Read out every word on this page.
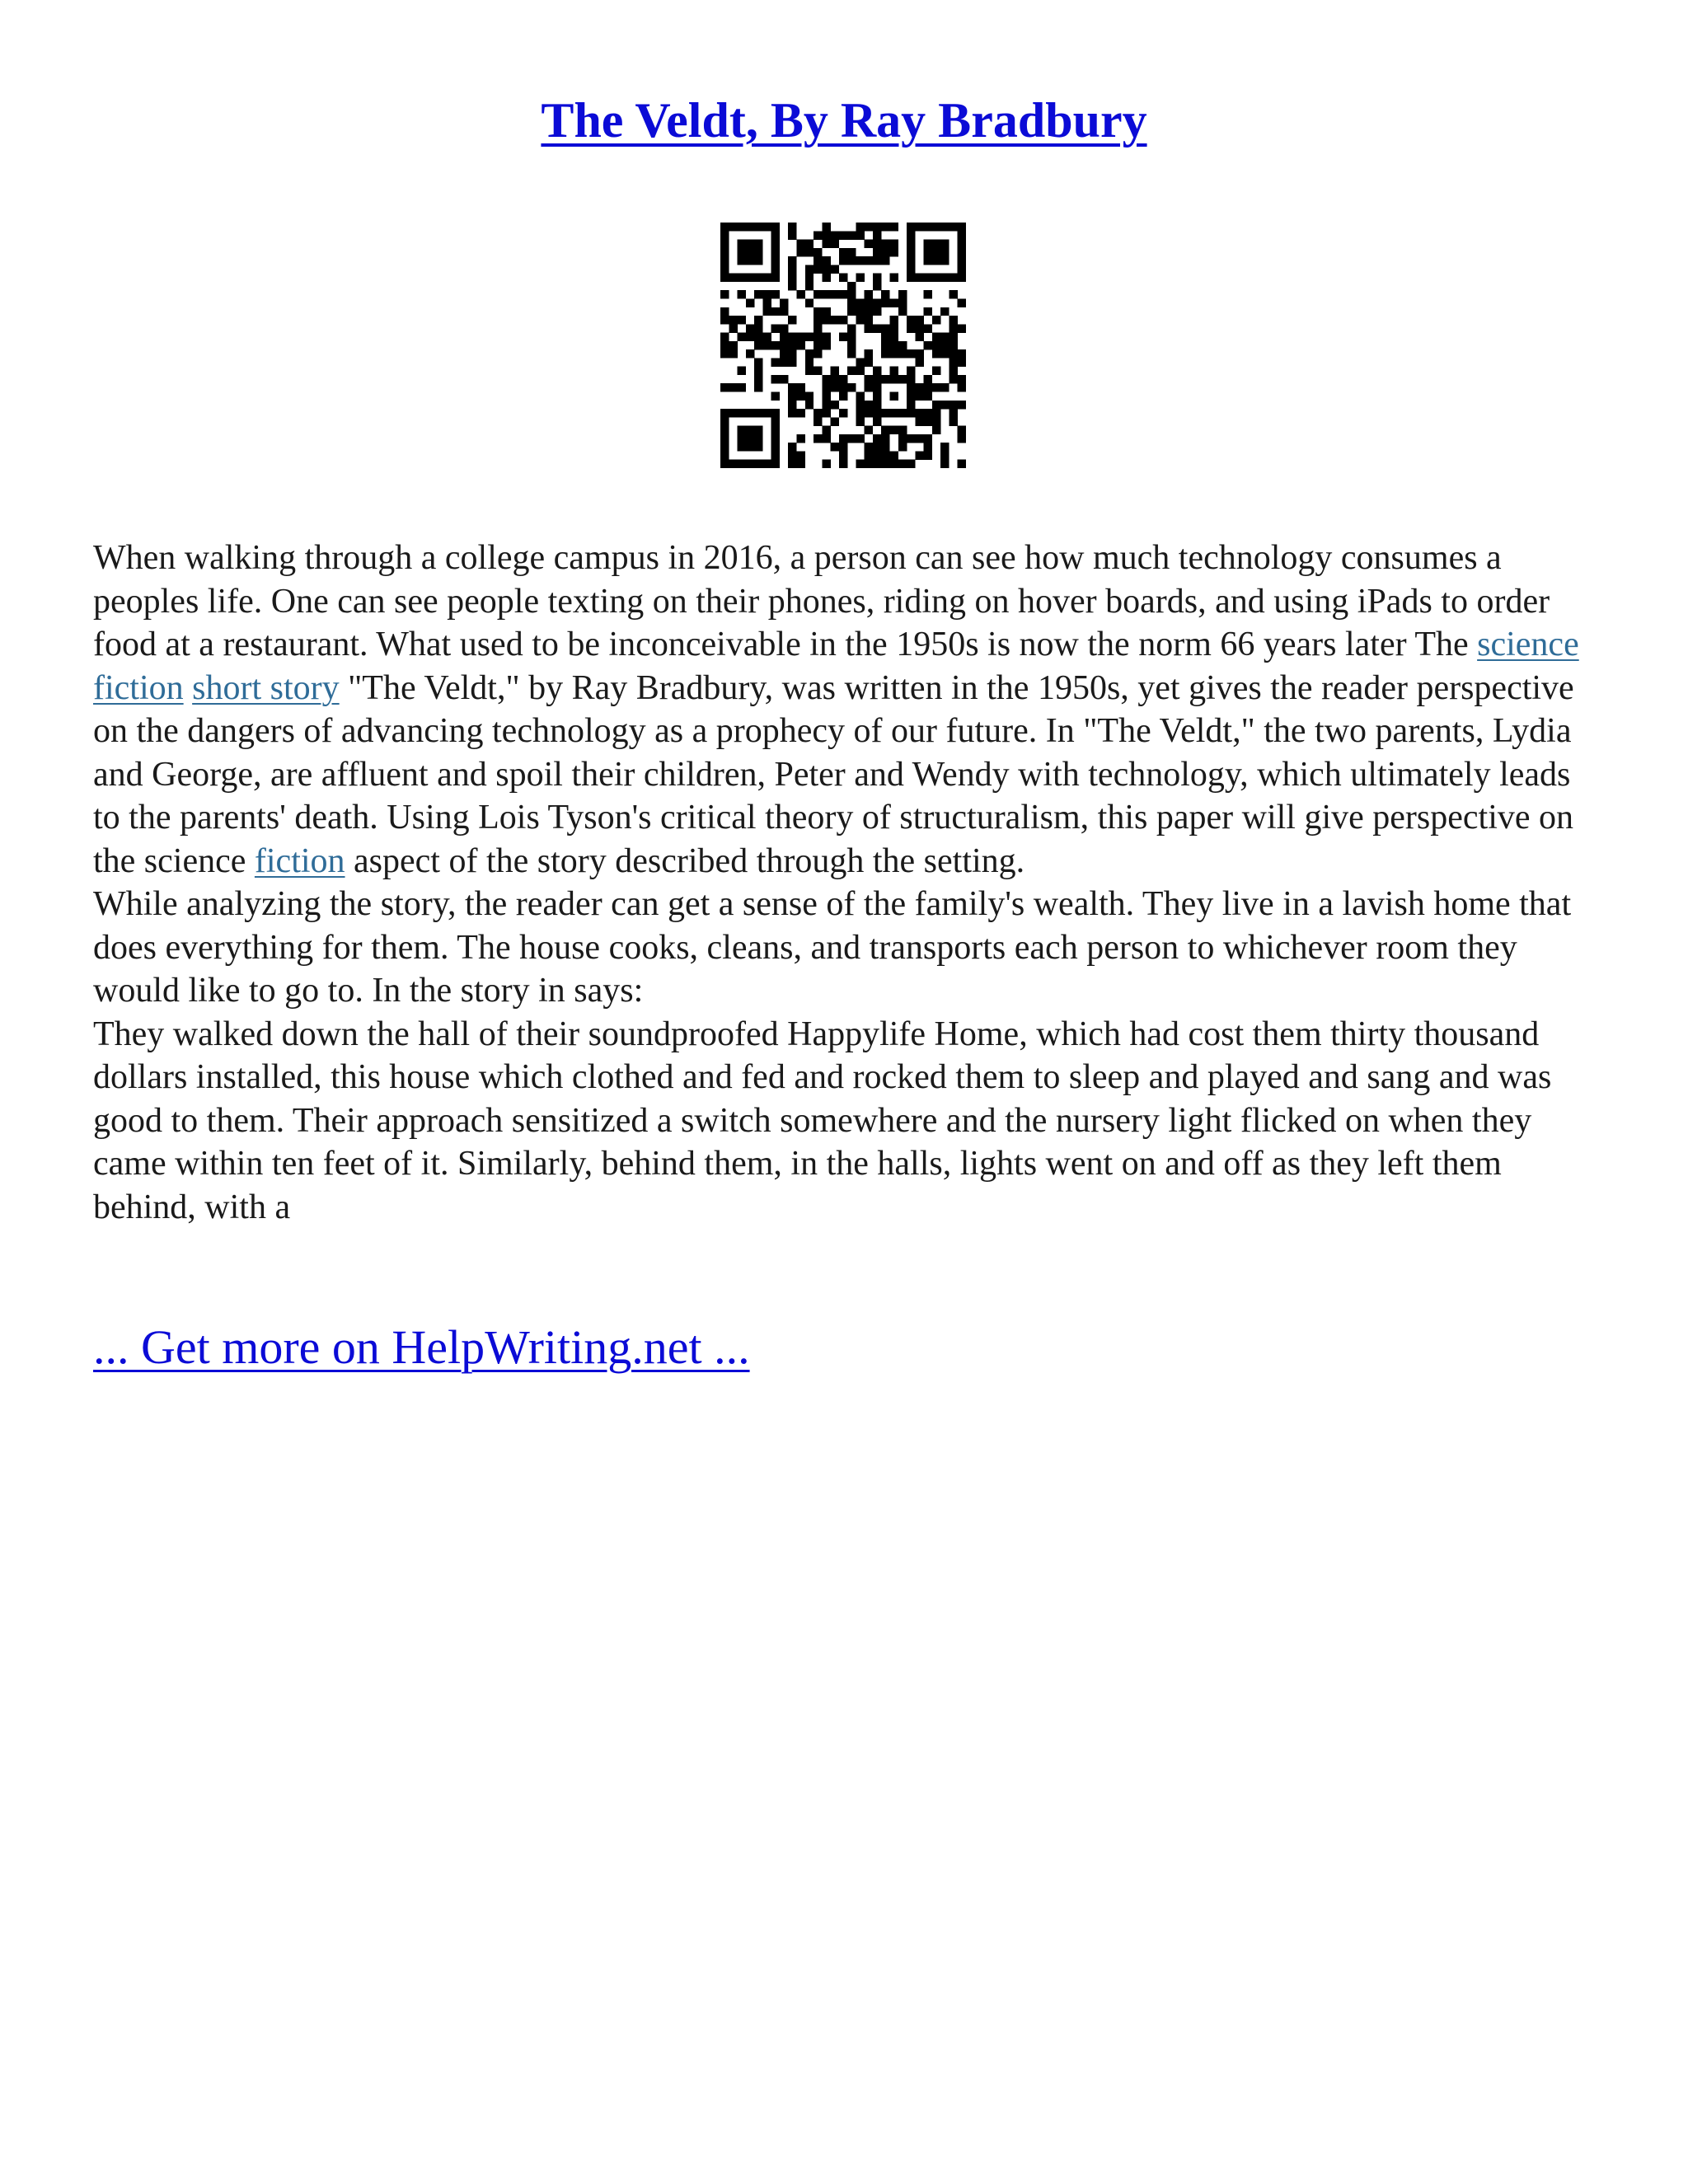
The Veldt, By Ray Bradbury

When walking through a college campus in 2016, a person can see how much technology consumes a peoples life. One can see people texting on their phones, riding on hover boards, and using iPads to order food at a restaurant. What used to be inconceivable in the 1950s is now the norm 66 years later The science fiction short story "The Veldt," by Ray Bradbury, was written in the 1950s, yet gives the reader perspective on the dangers of advancing technology as a prophecy of our future. In "The Veldt," the two parents, Lydia and George, are affluent and spoil their children, Peter and Wendy with technology, which ultimately leads to the parents' death. Using Lois Tyson's critical theory of structuralism, this paper will give perspective on the science fiction aspect of the story described through the setting.

While analyzing the story, the reader can get a sense of the family's wealth. They live in a lavish home that does everything for them. The house cooks, cleans, and transports each person to whichever room they would like to go to. In the story in says:

They walked down the hall of their soundproofed Happylife Home, which had cost them thirty thousand dollars installed, this house which clothed and fed and rocked them to sleep and played and sang and was good to them. Their approach sensitized a switch somewhere and the nursery light flicked on when they came within ten feet of it. Similarly, behind them, in the halls, lights went on and off as they left them behind, with a

... Get more on HelpWriting.net ...
